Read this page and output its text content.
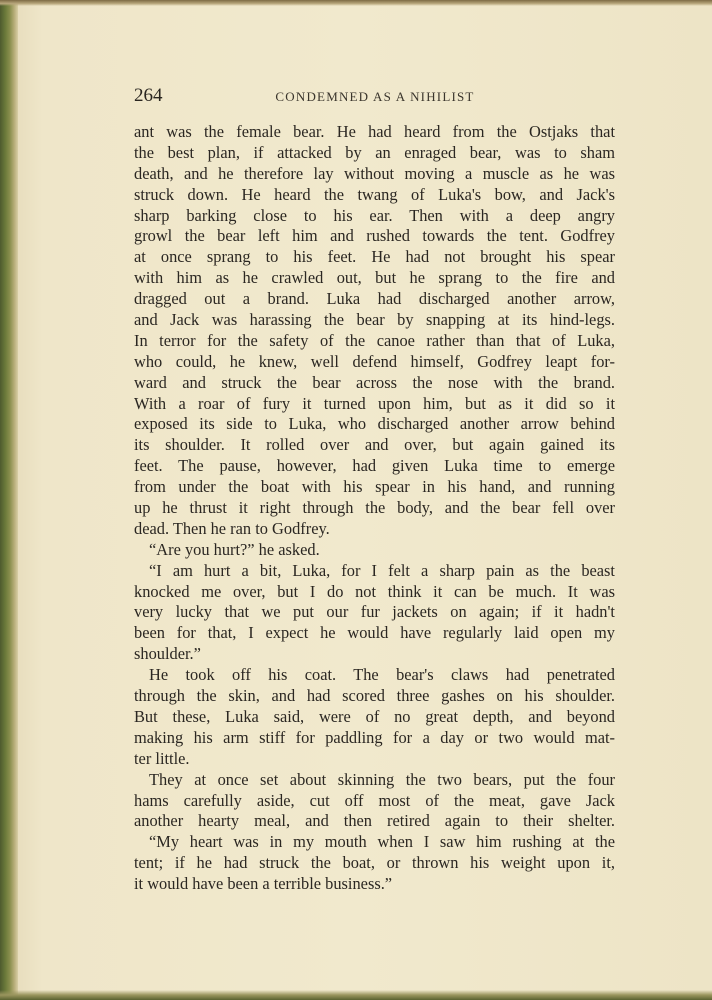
264	CONDEMNED AS A NIHILIST
ant was the female bear. He had heard from the Ostjaks that
the best plan, if attacked by an enraged bear, was to sham
death, and he therefore lay without moving a muscle as he was
struck down. He heard the twang of Luka's bow, and Jack's
sharp barking close to his ear. Then with a deep angry
growl the bear left him and rushed towards the tent. Godfrey
at once sprang to his feet. He had not brought his spear
with him as he crawled out, but he sprang to the fire and
dragged out a brand. Luka had discharged another arrow,
and Jack was harassing the bear by snapping at its hind-legs.
In terror for the safety of the canoe rather than that of Luka,
who could, he knew, well defend himself, Godfrey leapt for-
ward and struck the bear across the nose with the brand.
With a roar of fury it turned upon him, but as it did so it
exposed its side to Luka, who discharged another arrow behind
its shoulder. It rolled over and over, but again gained its
feet. The pause, however, had given Luka time to emerge
from under the boat with his spear in his hand, and running
up he thrust it right through the body, and the bear fell over
dead. Then he ran to Godfrey.
“Are you hurt?” he asked.
“I am hurt a bit, Luka, for I felt a sharp pain as the beast
knocked me over, but I do not think it can be much. It was
very lucky that we put our fur jackets on again; if it hadn't
been for that, I expect he would have regularly laid open my
shoulder.”
He took off his coat. The bear's claws had penetrated
through the skin, and had scored three gashes on his shoulder.
But these, Luka said, were of no great depth, and beyond
making his arm stiff for paddling for a day or two would mat-
ter little.
They at once set about skinning the two bears, put the four
hams carefully aside, cut off most of the meat, gave Jack
another hearty meal, and then retired again to their shelter.
“My heart was in my mouth when I saw him rushing at the
tent; if he had struck the boat, or thrown his weight upon it,
it would have been a terrible business.”
